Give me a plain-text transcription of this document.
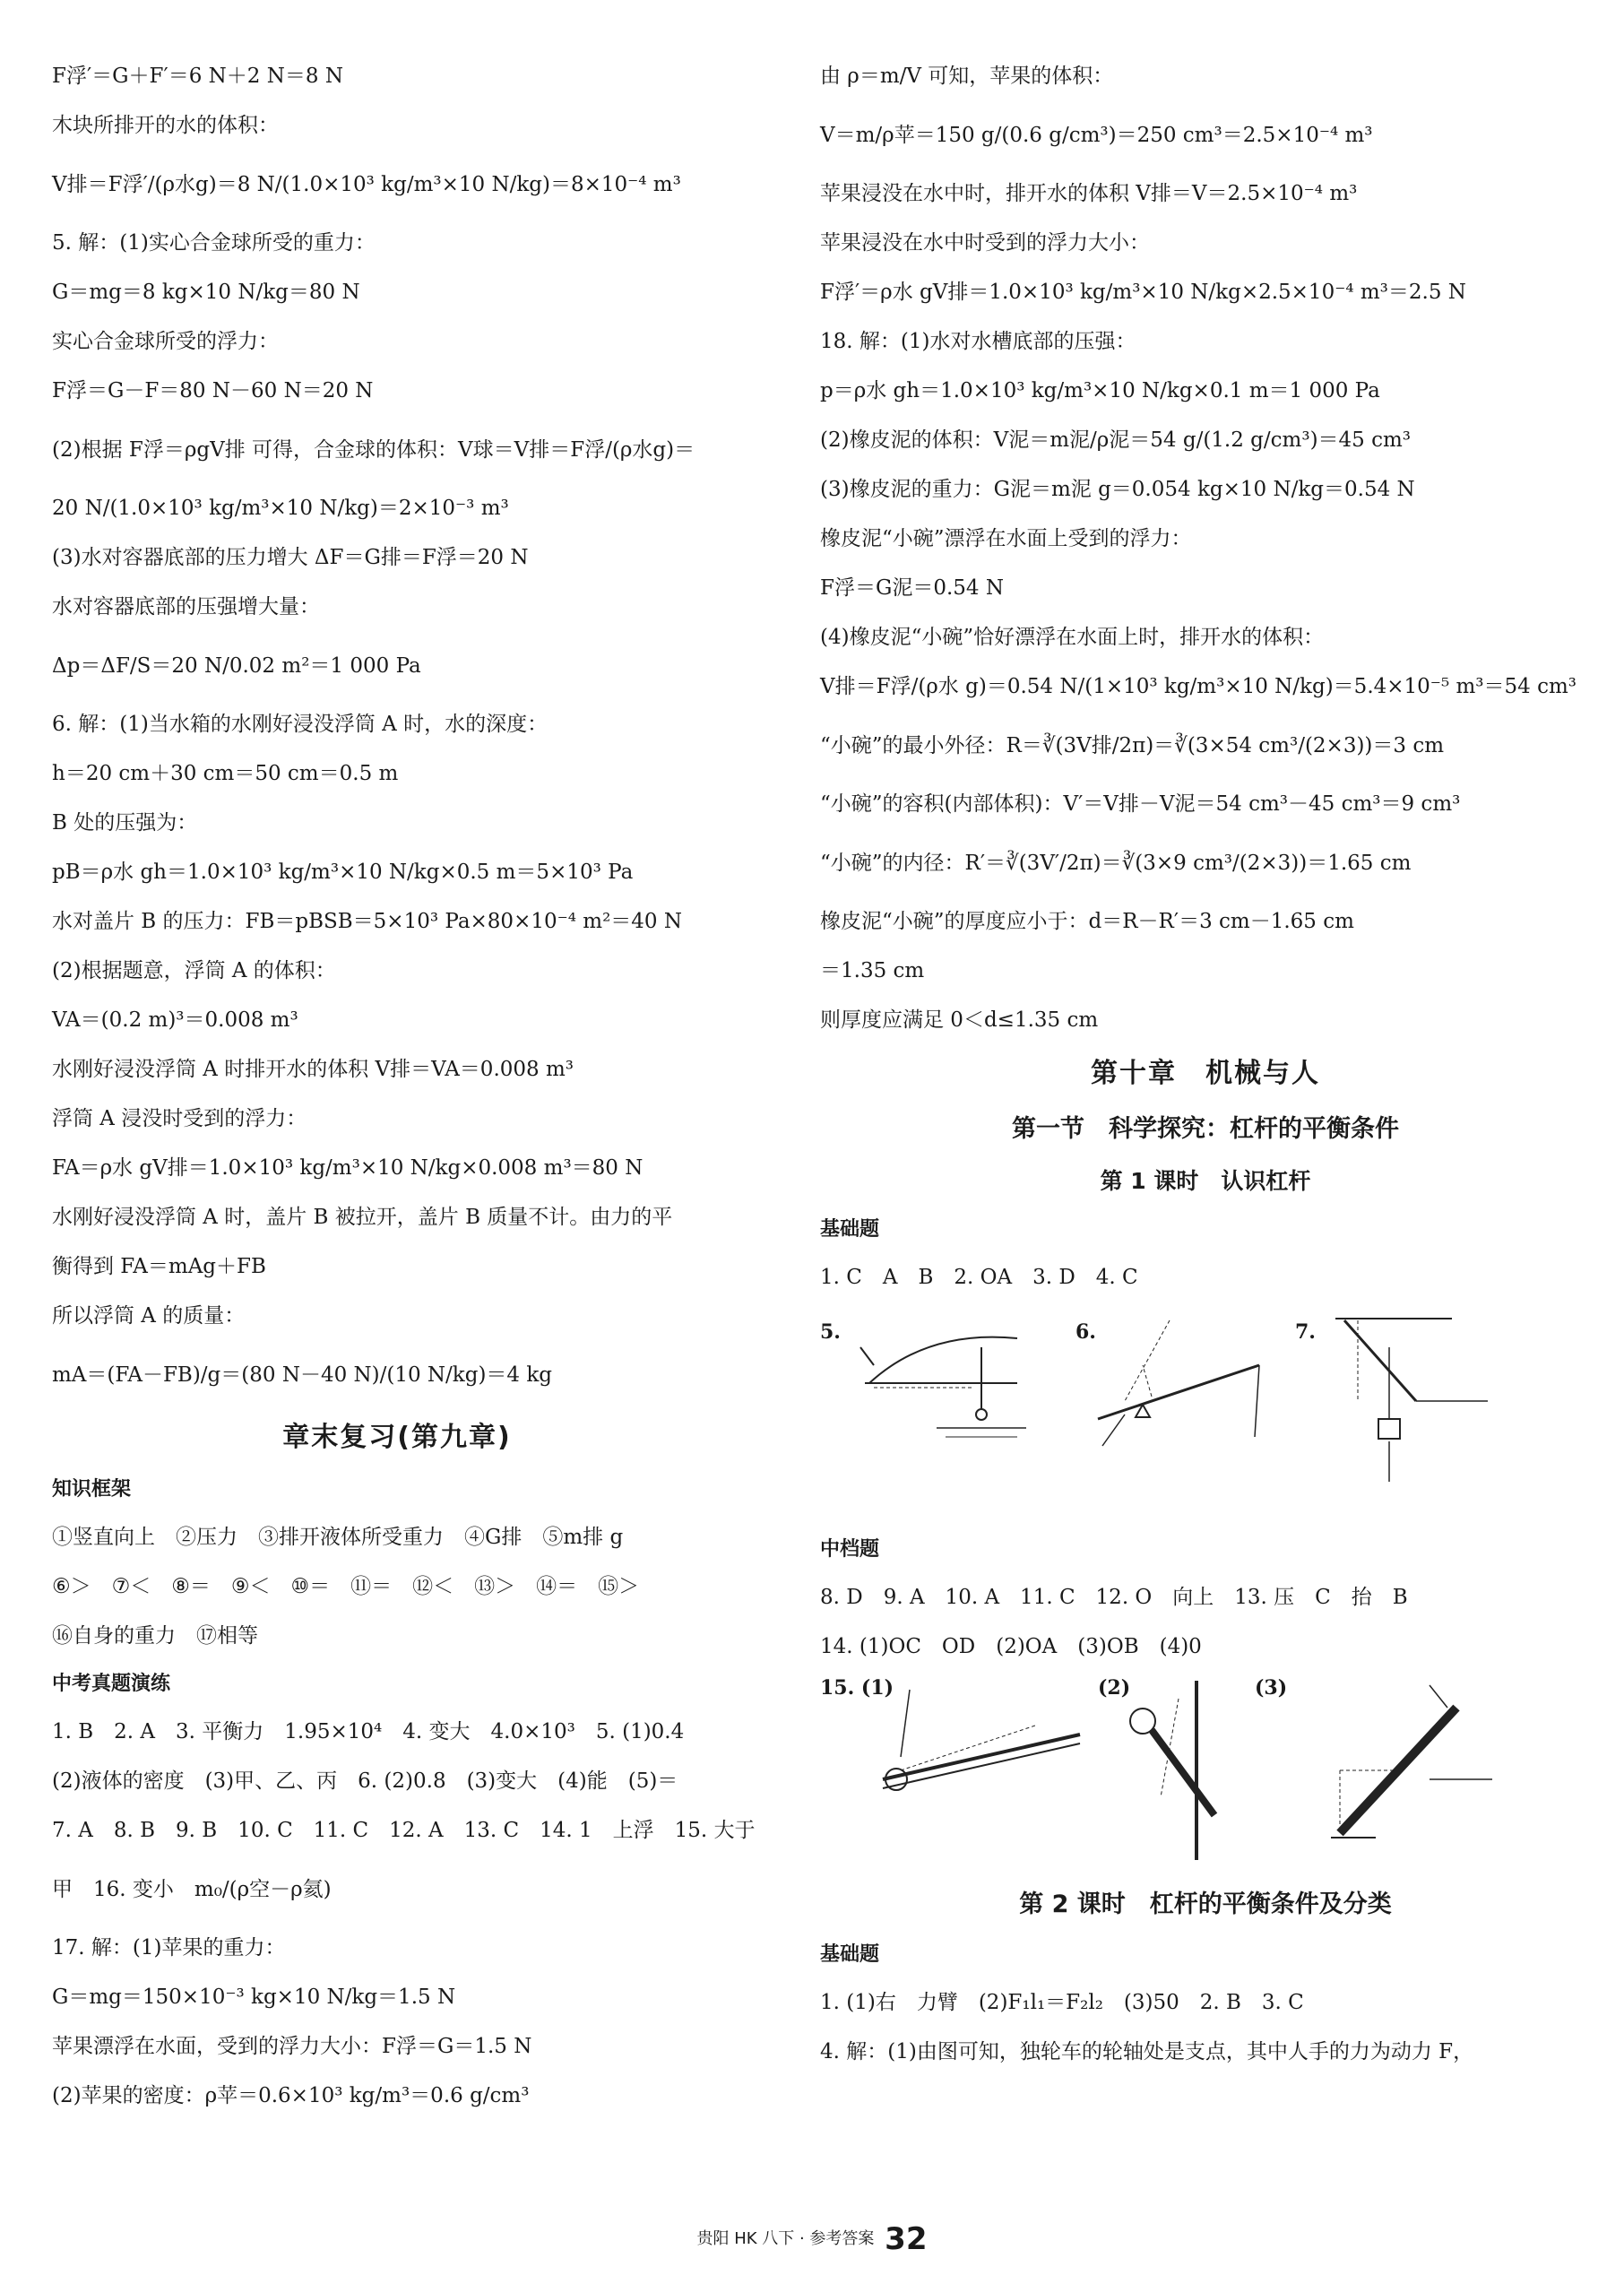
F浮′＝G＋F′＝6 N＋2 N＝8 N
木块所排开的水的体积：
V排＝F浮′/(ρ水g)＝8 N/(1.0×10³ kg/m³×10 N/kg)＝8×10⁻⁴ m³
5. 解：(1)实心合金球所受的重力：
G＝mg＝8 kg×10 N/kg＝80 N
实心合金球所受的浮力：
F浮＝G－F＝80 N－60 N＝20 N
(2)根据 F浮＝ρgV排 可得，合金球的体积：V球＝V排＝F浮/(ρ水g)＝
20 N/(1.0×10³ kg/m³×10 N/kg)＝2×10⁻³ m³
(3)水对容器底部的压力增大 ΔF＝G排＝F浮＝20 N
水对容器底部的压强增大量：
Δp＝ΔF/S＝20 N/0.02 m²＝1 000 Pa
6. 解：(1)当水箱的水刚好浸没浮筒 A 时，水的深度：
h＝20 cm＋30 cm＝50 cm＝0.5 m
B 处的压强为：
pB＝ρ水 gh＝1.0×10³ kg/m³×10 N/kg×0.5 m＝5×10³ Pa
水对盖片 B 的压力：FB＝pBSB＝5×10³ Pa×80×10⁻⁴ m²＝40 N
(2)根据题意，浮筒 A 的体积：
VA＝(0.2 m)³＝0.008 m³
水刚好浸没浮筒 A 时排开水的体积 V排＝VA＝0.008 m³
浮筒 A 浸没时受到的浮力：
FA＝ρ水 gV排＝1.0×10³ kg/m³×10 N/kg×0.008 m³＝80 N
水刚好浸没浮筒 A 时，盖片 B 被拉开，盖片 B 质量不计。由力的平
衡得到 FA＝mAg＋FB
所以浮筒 A 的质量：
mA＝(FA－FB)/g＝(80 N－40 N)/(10 N/kg)＝4 kg
章末复习(第九章)
知识框架
①竖直向上　②压力　③排开液体所受重力　④G排　⑤m排 g
⑥＞　⑦＜　⑧＝　⑨＜　⑩＝　⑪＝　⑫＜　⑬＞　⑭＝　⑮＞
⑯自身的重力　⑰相等
中考真题演练
1. B　2. A　3. 平衡力　1.95×10⁴　4. 变大　4.0×10³　5. (1)0.4
(2)液体的密度　(3)甲、乙、丙　6. (2)0.8　(3)变大　(4)能　(5)＝
7. A　8. B　9. B　10. C　11. C　12. A　13. C　14. 1　上浮　15. 大于
甲　16. 变小　m₀/(ρ空－ρ氦)
17. 解：(1)苹果的重力：
G＝mg＝150×10⁻³ kg×10 N/kg＝1.5 N
苹果漂浮在水面，受到的浮力大小：F浮＝G＝1.5 N
(2)苹果的密度：ρ苹＝0.6×10³ kg/m³＝0.6 g/cm³
由 ρ＝m/V 可知，苹果的体积：
V＝m/ρ苹＝150 g/(0.6 g/cm³)＝250 cm³＝2.5×10⁻⁴ m³
苹果浸没在水中时，排开水的体积 V排＝V＝2.5×10⁻⁴ m³
苹果浸没在水中时受到的浮力大小：
F浮′＝ρ水 gV排＝1.0×10³ kg/m³×10 N/kg×2.5×10⁻⁴ m³＝2.5 N
18. 解：(1)水对水槽底部的压强：
p＝ρ水 gh＝1.0×10³ kg/m³×10 N/kg×0.1 m＝1 000 Pa
(2)橡皮泥的体积：V泥＝m泥/ρ泥＝54 g/(1.2 g/cm³)＝45 cm³
(3)橡皮泥的重力：G泥＝m泥 g＝0.054 kg×10 N/kg＝0.54 N
橡皮泥“小碗”漂浮在水面上受到的浮力：
F浮＝G泥＝0.54 N
(4)橡皮泥“小碗”恰好漂浮在水面上时，排开水的体积：
V排＝F浮/(ρ水 g)＝0.54 N/(1×10³ kg/m³×10 N/kg)＝5.4×10⁻⁵ m³＝54 cm³
“小碗”的最小外径：R＝∛(3V排/2π)＝∛(3×54 cm³/(2×3))＝3 cm
“小碗”的容积(内部体积)：V′＝V排－V泥＝54 cm³－45 cm³＝9 cm³
“小碗”的内径：R′＝∛(3V′/2π)＝∛(3×9 cm³/(2×3))＝1.65 cm
橡皮泥“小碗”的厚度应小于：d＝R－R′＝3 cm－1.65 cm
＝1.35 cm
则厚度应满足 0＜d≤1.35 cm
第十章　机械与人
第一节　科学探究：杠杆的平衡条件
第 1 课时　认识杠杆
基础题
1. C　A　B　2. OA　3. D　4. C
5.	6.	7.
中档题
8. D　9. A　10. A　11. C　12. O　向上　13. 压　C　抬　B
14. (1)OC　OD　(2)OA　(3)OB　(4)0
15. (1)	(2)	(3)
第 2 课时　杠杆的平衡条件及分类
基础题
1. (1)右　力臂　(2)F₁l₁＝F₂l₂　(3)50　2. B　3. C
4. 解：(1)由图可知，独轮车的轮轴处是支点，其中人手的力为动力 F，
贵阳 HK 八下 · 参考答案 32
